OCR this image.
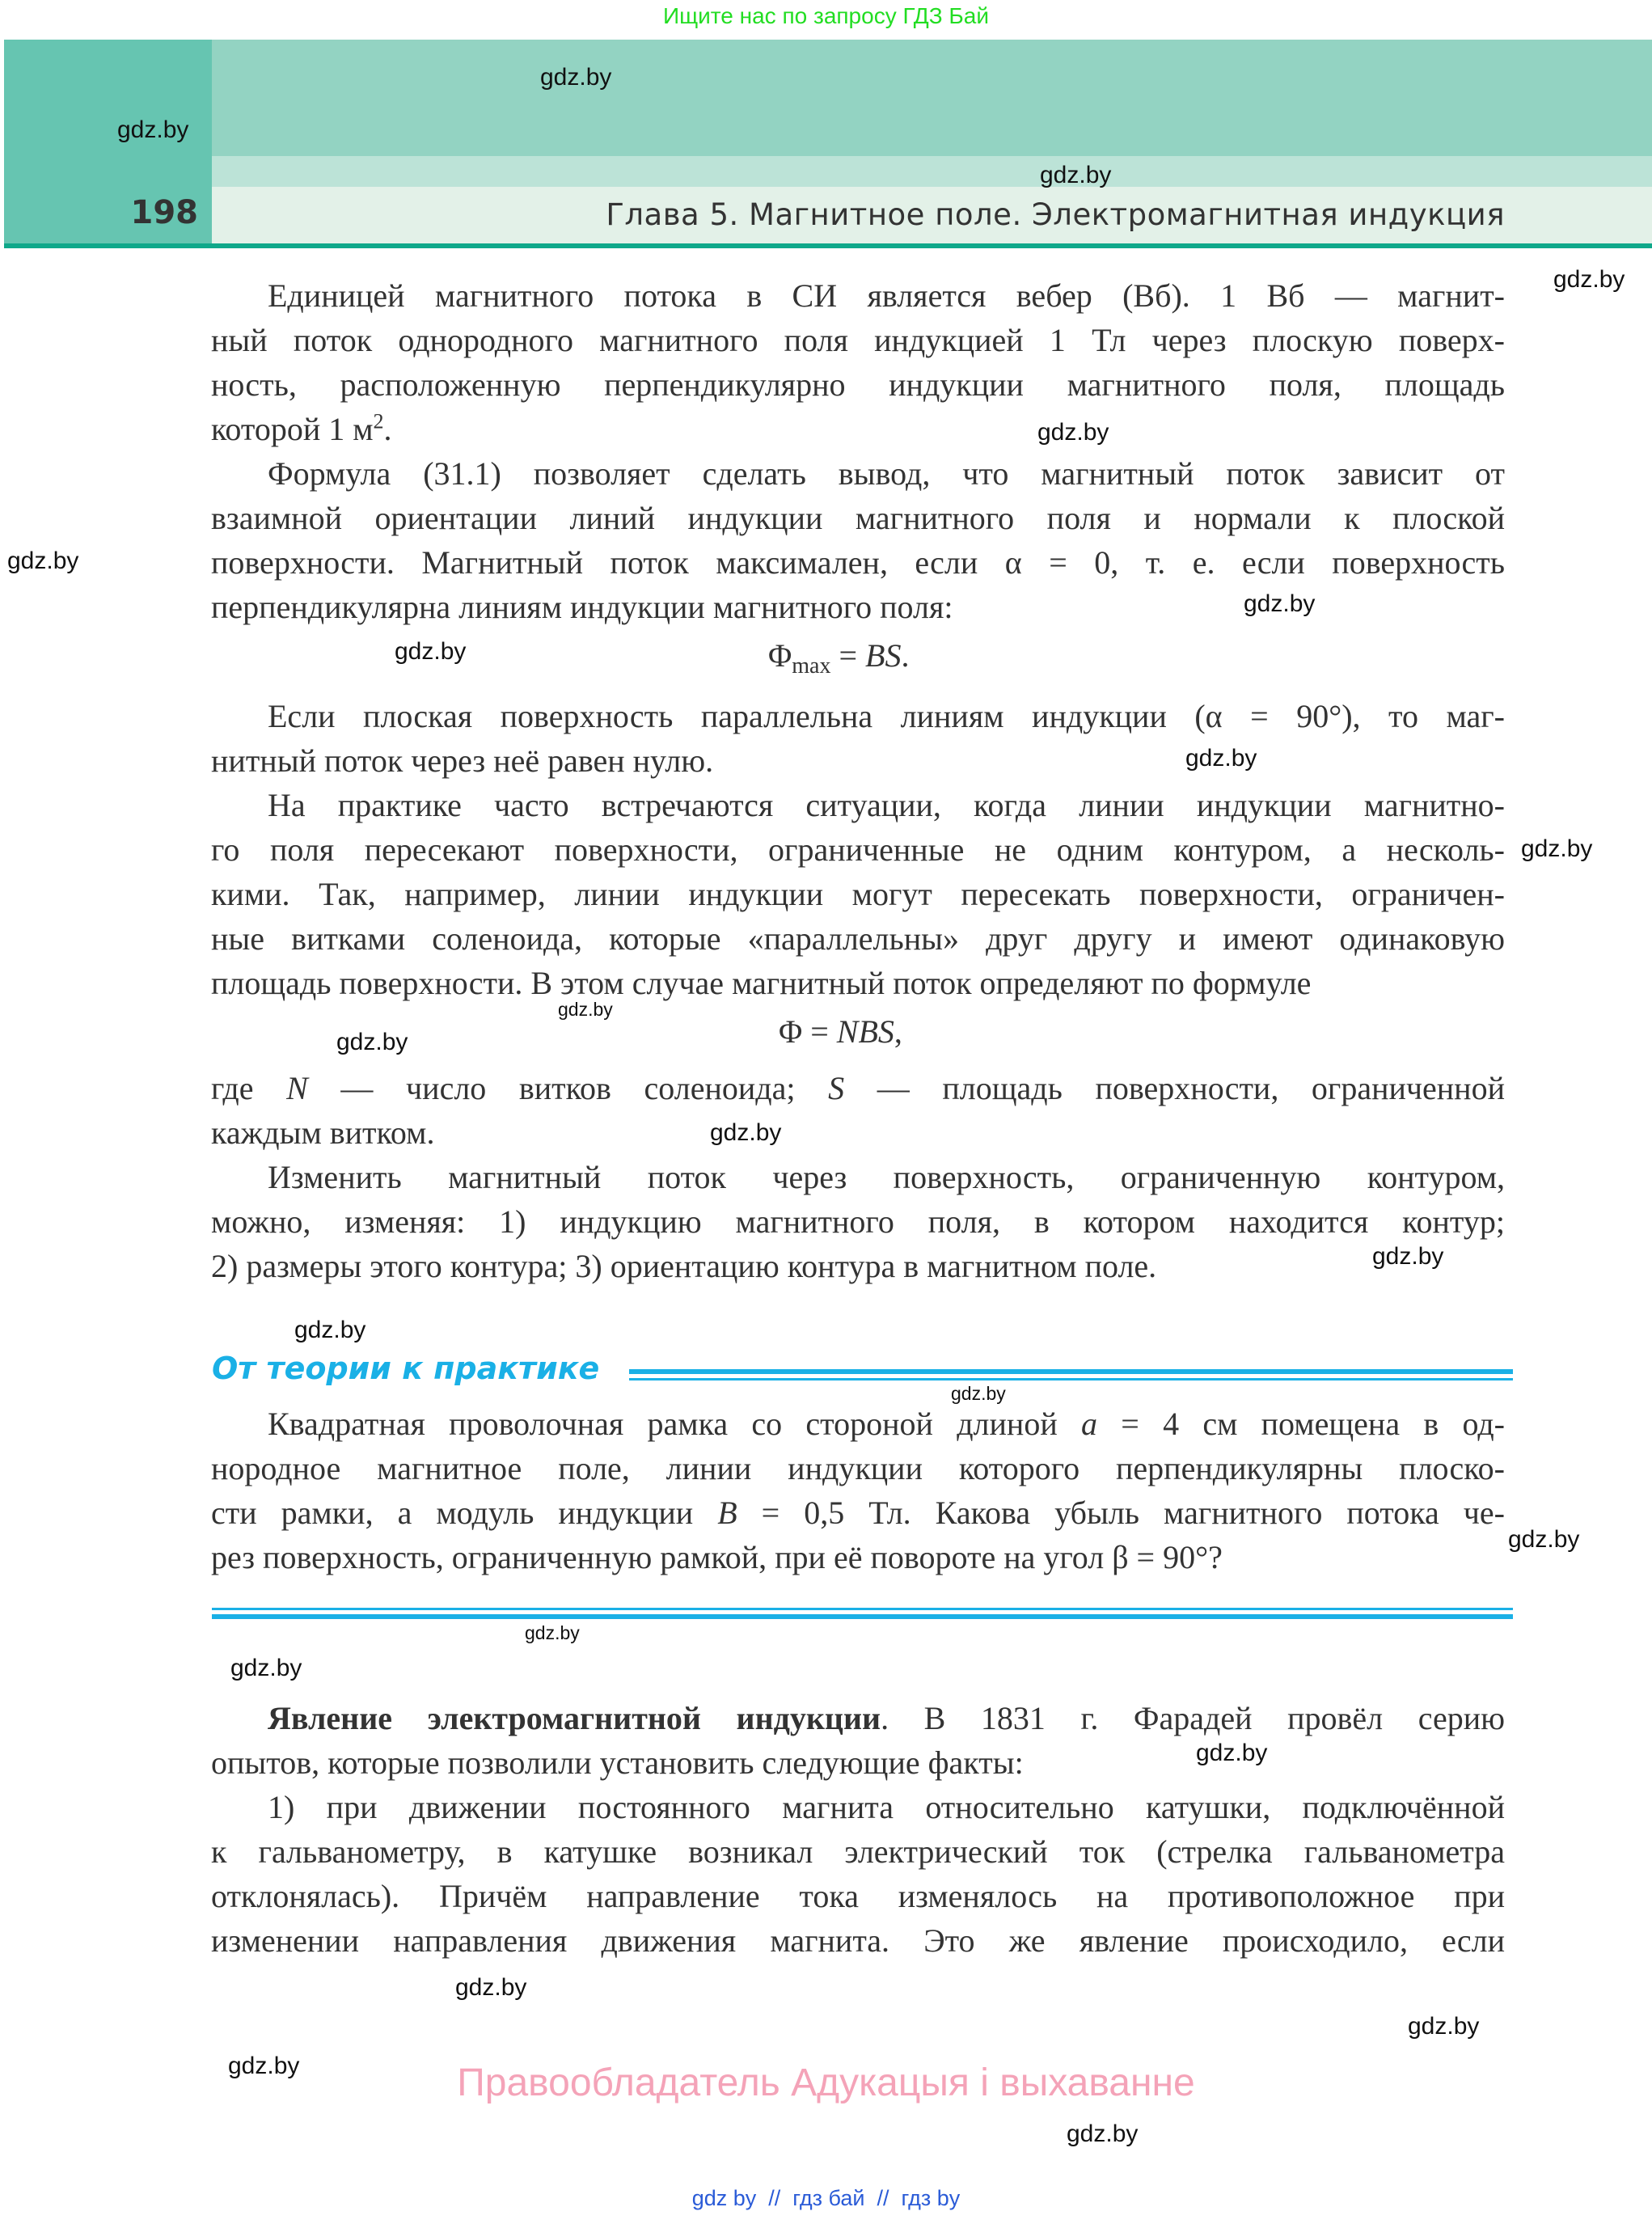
Ищите нас по запросу ГДЗ Бай
198	Глава 5. Магнитное поле. Электромагнитная индукция
Единицей магнитного потока в СИ является вебер (Вб). 1 Вб — магнит-
ный поток однородного магнитного поля индукцией 1 Тл через плоскую поверх-
ность, расположенную перпендикулярно индукции магнитного поля, площадь
которой 1 $м^2$.
Формула (31.1) позволяет сделать вывод, что магнитный поток зависит от
взаимной ориентации линий индукции магнитного поля и нормали к плоской
поверхности. Магнитный поток максимален, если α = 0, т. е. если поверхность
перпендикулярна линиям индукции магнитного поля:
$\Phi_{max}$ = BS.
Если плоская поверхность параллельна линиям индукции (α = 90°), то маг-
нитный поток через неё равен нулю.
На практике часто встречаются ситуации, когда линии индукции магнитно-
го поля пересекают поверхности, ограниченные не одним контуром, а несколь-
кими. Так, например, линии индукции могут пересекать поверхности, ограничен-
ные витками соленоида, которые «параллельны» друг другу и имеют одинаковую
площадь поверхности. В этом случае магнитный поток определяют по формуле
Φ = NBS,
где N — число витков соленоида; S — площадь поверхности, ограниченной
каждым витком.
Изменить магнитный поток через поверхность, ограниченную контуром,
можно, изменяя: 1) индукцию магнитного поля, в котором находится контур;
2) размеры этого контура; 3) ориентацию контура в магнитном поле.
От теории к практике
Квадратная проволочная рамка со стороной длиной a = 4 см помещена в од-
нородное магнитное поле, линии индукции которого перпендикулярны плоско-
сти рамки, а модуль индукции B = 0,5 Тл. Какова убыль магнитного потока че-
рез поверхность, ограниченную рамкой, при её повороте на угол β = 90°?
Явление электромагнитной индукции. В 1831 г. Фарадей провёл серию
опытов, которые позволили установить следующие факты:
1) при движении постоянного магнита относительно катушки, подключённой
к гальванометру, в катушке возникал электрический ток (стрелка гальванометра
отклонялась). Причём направление тока изменялось на противоположное при
изменении направления движения магнита. Это же явление происходило, если
Правообладатель Адукацыя і выхаванне
gdz by  //  гдз бай  //  гдз by
gdz.by
gdz.by
gdz.by
gdz.by
gdz.by
gdz.by
gdz.by
gdz.by
gdz.by
gdz.by
gdz.by
gdz.by
gdz.by
gdz.by
gdz.by
gdz.by
gdz.by
gdz.by
gdz.by
gdz.by
gdz.by
gdz.by
gdz.by
gdz.by
